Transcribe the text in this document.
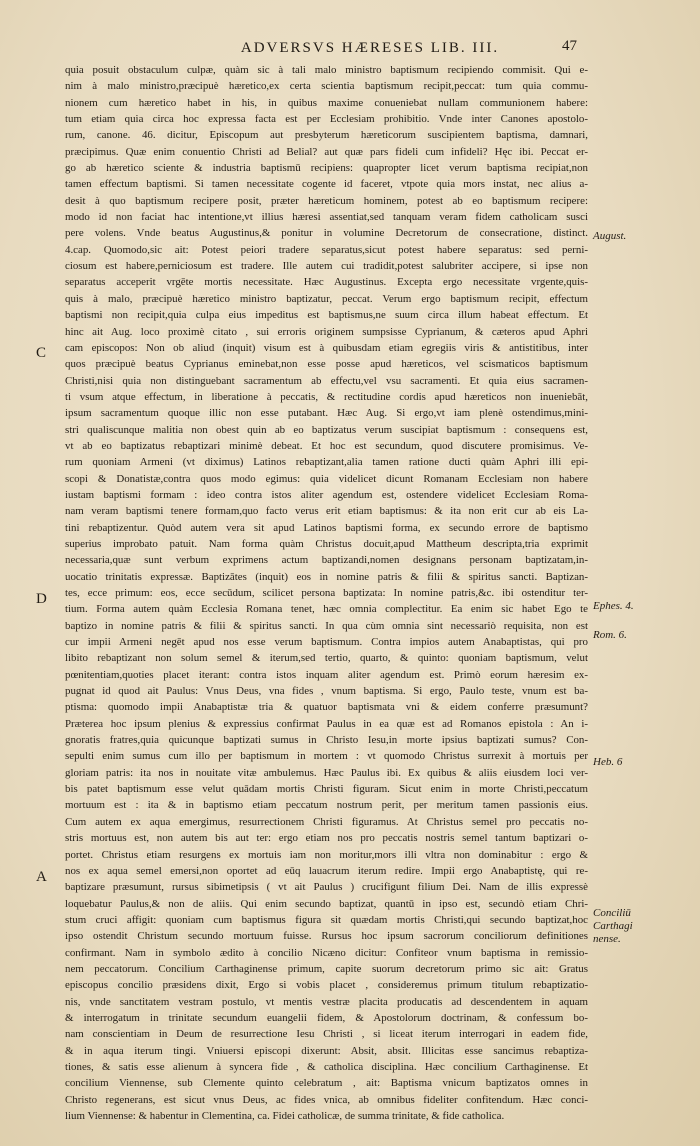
ADVERSVS HÆRESES LIB. III.	47
quia posuit obstaculum culpæ, quàm sic à tali malo ministro baptismum recipiendo commisit. Qui e-
nim à malo ministro,præcipuè hæretico,ex certa scientia baptismum recipit,peccat: tum quia commu-
nionem cum hæretico habet in his, in quibus maxime conueniebat nullam communionem habere:
tum etiam quia circa hoc expressa facta est per Ecclesiam prohibitio. Vnde inter Canones apostolo-
rum, canone. 46. dicitur, Episcopum aut presbyterum hæreticorum suscipientem baptisma, damnari,
præcipimus. Quæ enim conuentio Christi ad Belial? aut quæ pars fideli cum infideli? Hęc ibi. Peccat er-
go ab hæretico sciente & industria baptismū recipiens: quapropter licet verum baptisma recipiat,non
tamen effectum baptismi. Si tamen necessitate cogente id faceret, vtpote quia mors instat, nec alius a-
desit à quo baptismum recipere posit, præter hæreticum hominem, potest ab eo baptismum recipere:
modo id non faciat hac intentione,vt illius hæresi assentiat,sed tanquam veram fidem catholicam susci
pere volens. Vnde beatus Augustinus,& ponitur in volumine Decretorum de consecratione, distinct.
4.cap. Quomodo,sic ait: Potest peiori tradere separatus,sicut potest habere separatus: sed perni-
ciosum est habere,perniciosum est tradere. Ille autem cui tradidit,potest salubriter accipere, si ipse non
separatus acceperit vrgēte mortis necessitate. Hæc Augustinus. Excepta ergo necessitate vrgente,quis-
quis à malo, præcipuè hæretico ministro baptizatur, peccat. Verum ergo baptismum recipit, effectum
baptismi non recipit,quia culpa eius impeditus est baptismus,ne suum circa illum habeat effectum. Et
hinc ait Aug. loco proximè citato , sui erroris originem sumpsisse Cyprianum, & cæteros apud Aphri
cam episcopos: Non ob aliud (inquit) visum est à quibusdam etiam egregiis viris & antistitibus, inter
quos præcipuè beatus Cyprianus eminebat,non esse posse apud hæreticos, vel scismaticos baptismum
Christi,nisi quia non distinguebant sacramentum ab effectu,vel vsu sacramenti. Et quia eius sacramen-
ti vsum atque effectum, in liberatione à peccatis, & rectitudine cordis apud hæreticos non inueniebāt,
ipsum sacramentum quoque illic non esse putabant. Hæc Aug. Si ergo,vt iam plenè ostendimus,mini-
stri qualiscunque malitia non obest quin ab eo baptizatus verum suscipiat baptismum : consequens est,
vt ab eo baptizatus rebaptizari minimè debeat. Et hoc est secundum, quod discutere promisimus. Ve-
rum quoniam Armeni (vt diximus) Latinos rebaptizant,alia tamen ratione ducti quàm Aphri illi epi-
scopi & Donatistæ,contra quos modo egimus: quia videlicet dicunt Romanam Ecclesiam non habere
iustam baptismi formam : ideo contra istos aliter agendum est, ostendere videlicet Ecclesiam Roma-
nam veram baptismi tenere formam,quo facto verus erit etiam baptismus: & ita non erit cur ab eis La-
tini rebaptizentur. Quòd autem vera sit apud Latinos baptismi forma, ex secundo errore de baptismo
superius improbato patuit. Nam forma quàm Christus docuit,apud Mattheum descripta,tria exprimit
necessaria,quæ sunt verbum exprimens actum baptizandi,nomen designans personam baptizatam,in-
uocatio trinitatis expressæ. Baptizātes (inquit) eos in nomine patris & filii & spiritus sancti. Baptizan-
tes, ecce primum: eos, ecce secūdum, scilicet persona baptizata: In nomine patris,&c. ibi ostenditur ter-
tium. Forma autem quàm Ecclesia Romana tenet, hæc omnia complectitur. Ea enim sic habet Ego te
baptizo in nomine patris & filii & spiritus sancti. In qua cùm omnia sint necessariò requisita, non est
cur impii Armeni negēt apud nos esse verum baptismum. Contra impios autem Anabaptistas, qui pro
libito rebaptizant non solum semel & iterum,sed tertio, quarto, & quinto: quoniam baptismum, velut
pœnitentiam,quoties placet iterant: contra istos inquam aliter agendum est. Primò eorum hæresim ex-
pugnat id quod ait Paulus: Vnus Deus, vna fides , vnum baptisma. Si ergo, Paulo teste, vnum est ba-
ptisma: quomodo impii Anabaptistæ tria & quatuor baptismata vni & eidem conferre præsumunt?
Præterea hoc ipsum plenius & expressius confirmat Paulus in ea quæ est ad Romanos epistola : An i-
gnoratis fratres,quia quicunque baptizati sumus in Christo Iesu,in morte ipsius baptizati sumus? Con-
sepulti enim sumus cum illo per baptismum in mortem : vt quomodo Christus surrexit à mortuis per
gloriam patris: ita nos in nouitate vitæ ambulemus. Hæc Paulus ibi. Ex quibus & aliis eiusdem loci ver-
bis patet baptismum esse velut quādam mortis Christi figuram. Sicut enim in morte Christi,peccatum
mortuum est : ita & in baptismo etiam peccatum nostrum perit, per meritum tamen passionis eius.
Cum autem ex aqua emergimus, resurrectionem Christi figuramus. At Christus semel pro peccatis no-
stris mortuus est, non autem bis aut ter: ergo etiam nos pro peccatis nostris semel tantum baptizari o-
portet. Christus etiam resurgens ex mortuis iam non moritur,mors illi vltra non dominabitur : ergo &
nos ex aqua semel emersi,non oportet ad eūq lauacrum iterum redire. Impii ergo Anabaptistę, qui re-
baptizare præsumunt, rursus sibimetipsis ( vt ait Paulus ) crucifigunt filium Dei. Nam de illis expressè
loquebatur Paulus,& non de aliis. Qui enim secundo baptizat, quantū in ipso est, secundò etiam Chri-
stum cruci affigit: quoniam cum baptismus figura sit quædam mortis Christi,qui secundo baptizat,hoc
ipso ostendit Christum secundo mortuum fuisse. Rursus hoc ipsum sacrorum conciliorum definitiones
confirmant. Nam in symbolo ædito à concilio Nicæno dicitur: Confiteor vnum baptisma in remissio-
nem peccatorum. Concilium Carthaginense primum, capite suorum decretorum primo sic ait: Gratus
episcopus concilio præsidens dixit, Ergo si vobis placet , consideremus primum titulum rebaptizatio-
nis, vnde sanctitatem vestram postulo, vt mentis vestræ placita producatis ad descendentem in aquam
& interrogatum in trinitate secundum euangelii fidem, & Apostolorum doctrinam, & confessum bo-
nam conscientiam in Deum de resurrectione Iesu Christi , si liceat iterum interrogari in eadem fide,
& in aqua iterum tingi. Vniuersi episcopi dixerunt: Absit, absit. Illicitas esse sancimus rebaptiza-
tiones, & satis esse alienum à syncera fide , & catholica disciplina. Hæc concilium Carthaginense. Et
concilium Viennense, sub Clemente quinto celebratum , ait: Baptisma vnicum baptizatos omnes in
Christo regenerans, est sicut vnus Deus, ac fides vnica, ab omnibus fideliter confitendum. Hæc conci-
lium Viennense: & habentur in Clementina, ca. Fidei catholicæ, de summa trinitate, & fide catholica.
C
D
A
August.
Ephes. 4.
Rom. 6.
Heb. 6
Conciliū Carthagi nense.
